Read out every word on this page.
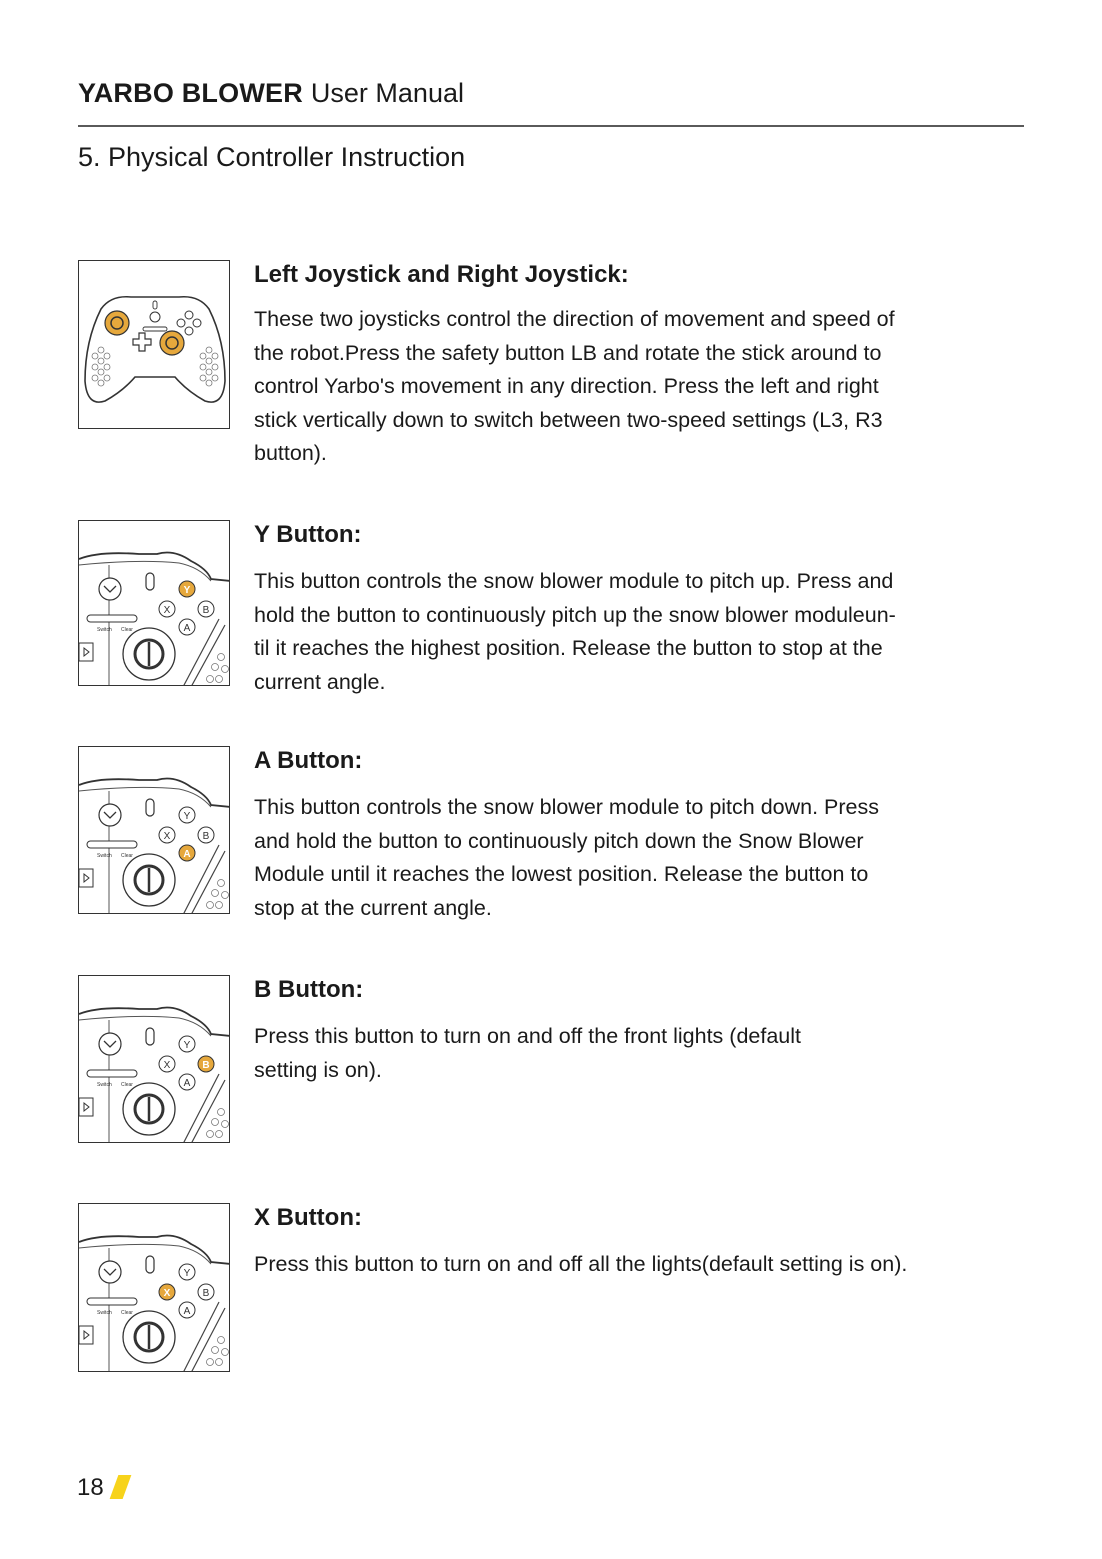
YARBO BLOWER User Manual
5. Physical Controller Instruction

Left Joystick and Right Joystick:

These two joysticks control the direction of movement and speed of
the robot.Press the safety button LB and rotate the stick around to
control Yarbo's movement in any direction. Press the left and right
stick vertically down to switch between two-speed settings (L3, R3
button).

Y
X	B
A
Switch Clear

Y Button:

This button controls the snow blower module to pitch up. Press and
hold the button to continuously pitch up the snow blower moduleun-
til it reaches the highest position. Release the button to stop at the
current angle.

Y
X	B
A
Switch Clear

A Button:

This button controls the snow blower module to pitch down. Press
and hold the button to continuously pitch down the Snow Blower
Module until it reaches the lowest position. Release the button to
stop at the current angle.

Y
X	B
A
Switch Clear

B Button:

Press this button to turn on and off the front lights (default
setting is on).

Y
X	B
A
Switch Clear

X Button:

Press this button to turn on and off all the lights(default setting is on).

18
